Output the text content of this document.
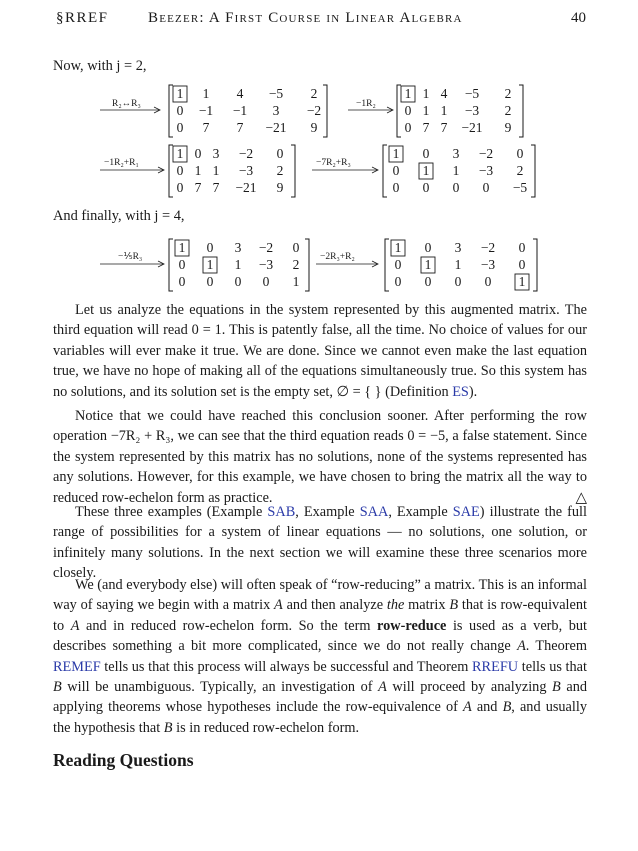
§RREF	Beezer: A First Course in Linear Algebra	40
Now, with j = 2,
R₂↔R₃
1 1 4 −5 2
0 −1 −1 3 −2
0 7 7 −21 9
−1R₂
1 1 4 −5 2
0 1 1 −3 2
0 7 7 −21 9
−1R₂+R₁
1 0 3 −2 0
0 1 1 −3 2
0 7 7 −21 9
−7R₂+R₃
1 0 3 −2 0
0 1 1 −3 2
0 0 0 0 −5
And finally, with j = 4,
−⅕R₃
1 0 3 −2 0
0 1 1 −3 2
0 0 0 0 1
−2R₃+R₂
1 0 3 −2 0
0 1 1 −3 0
0 0 0 0 1

Let us analyze the equations in the system represented by this augmented matrix. The third equation will read 0 = 1. This is patently false, all the time. No choice of values for our variables will ever make it true. We are done. Since we cannot even make the last equation true, we have no hope of making all of the equations simultaneously true. So this system has no solutions, and its solution set is the empty set, ∅ = { } (Definition ES).

Notice that we could have reached this conclusion sooner. After performing the row operation −7R₂ + R₃, we can see that the third equation reads 0 = −5, a false statement. Since the system represented by this matrix has no solutions, none of the systems represented has any solutions. However, for this example, we have chosen to bring the matrix all the way to reduced row-echelon form as practice.	△

These three examples (Example SAB, Example SAA, Example SAE) illustrate the full range of possibilities for a system of linear equations — no solutions, one solution, or infinitely many solutions. In the next section we will examine these three scenarios more closely.

We (and everybody else) will often speak of “row-reducing” a matrix. This is an informal way of saying we begin with a matrix A and then analyze the matrix B that is row-equivalent to A and in reduced row-echelon form. So the term row-reduce is used as a verb, but describes something a bit more complicated, since we do not really change A. Theorem REMEF tells us that this process will always be successful and Theorem RREFU tells us that B will be unambiguous. Typically, an investigation of A will proceed by analyzing B and applying theorems whose hypotheses include the row-equivalence of A and B, and usually the hypothesis that B is in reduced row-echelon form.

Reading Questions
